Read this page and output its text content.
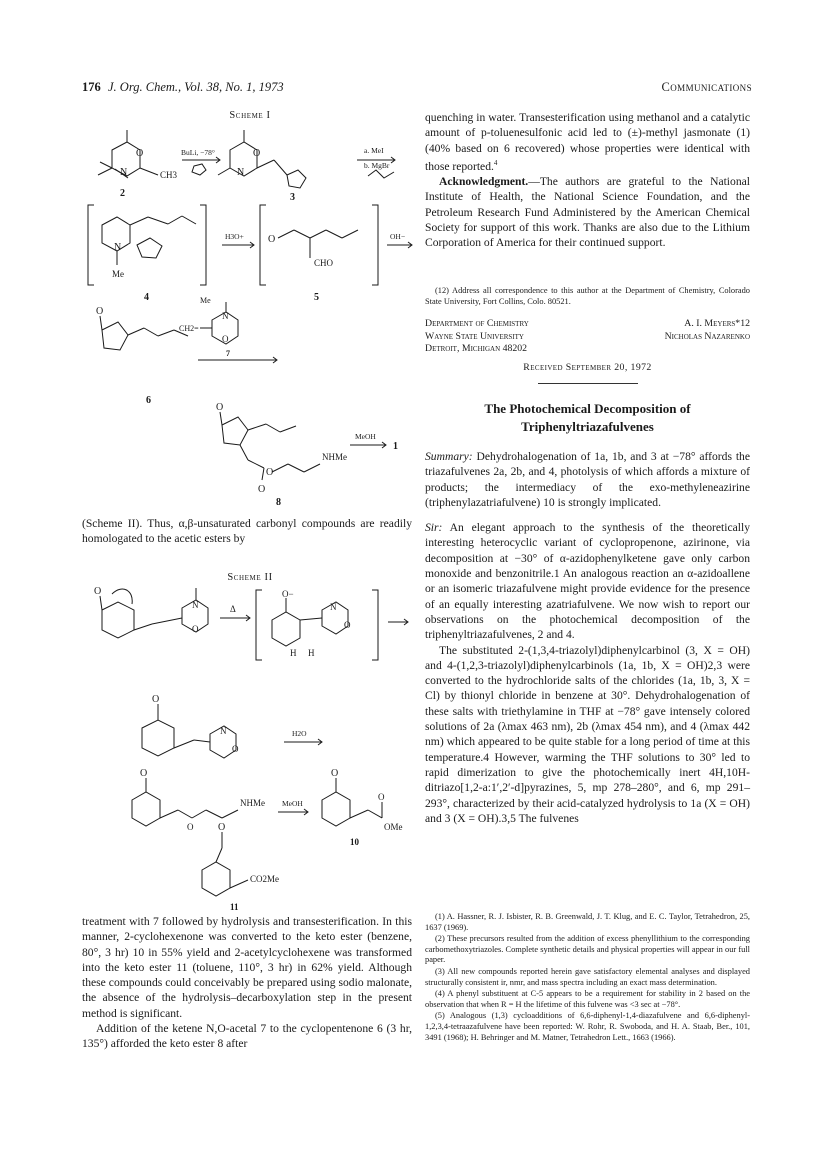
176 J. Org. Chem., Vol. 38, No. 1, 1973	Communications
Scheme I
O
N	CH3
2
BuLi, −78°	O
N
3
a. MeI
b. MgBr
N
Me
4
H3O+ O
CHO
5
OH−
O
6
Me
CH2=
N
O
7
O
O
O
NHMe
8
MeOH
1

(Scheme II). Thus, α,β-unsaturated carbonyl compounds are readily homologated to the acetic esters by

Scheme II
O
N
O
Δ
O−
H H
N
O
O
N
O
H2O
O
O
NHMe MeOH
O
O
OMe
10
O
CO2Me
11

treatment with 7 followed by hydrolysis and transesterification. In this manner, 2-cyclohexenone was converted to the keto ester (benzene, 80°, 3 hr) 10 in 55% yield and 2-acetylcyclohexene was transformed into the keto ester 11 (toluene, 110°, 3 hr) in 62% yield. Although these compounds could conceivably be prepared using sodio malonate, the absence of the hydrolysis–decarboxylation step in the present method is significant.

Addition of the ketene N,O-acetal 7 to the cyclopentenone 6 (3 hr, 135°) afforded the keto ester 8 after

quenching in water. Transesterification using methanol and a catalytic amount of p-toluenesulfonic acid led to (±)-methyl jasmonate (1) (40% based on 6 recovered) whose properties were identical with those reported.$^4$

Acknowledgment.—The authors are grateful to the National Institute of Health, the National Science Foundation, and the Petroleum Research Fund Administered by the American Chemical Society for support of this work. Thanks are also due to the Lithium Corporation of America for their continued support.

(12) Address all correspondence to this author at the Department of Chemistry, Colorado State University, Fort Collins, Colo. 80521.

Department of Chemistry
Wayne State University
Detroit, Michigan 48202
A. I. Meyers*12
Nicholas Nazarenko
Received September 20, 1972
The Photochemical Decomposition of
Triphenyltriazafulvenes

Summary: Dehydrohalogenation of 1a, 1b, and 3 at −78° affords the triazafulvenes 2a, 2b, and 4, photolysis of which affords a mixture of products; the intermediacy of the exo-methyleneazirine (triphenylazatriafulvene) 10 is strongly implicated.

Sir: An elegant approach to the synthesis of the theoretically interesting heterocyclic variant of cyclopropenone, azirinone, via decomposition at −30° of α-azidophenylketene gave only carbon monoxide and benzonitrile.1 An analogous reaction an α-azidoallene or an isomeric triazafulvene might provide evidence for the presence of an equally interesting azatriafulvene. We now wish to report our observations on the photochemical decomposition of the triphenyltriazafulvenes, 2 and 4.

The substituted 2-(1,3,4-triazolyl)diphenylcarbinol (3, X = OH) and 4-(1,2,3-triazolyl)diphenylcarbinols (1a, 1b, X = OH)2,3 were converted to the hydrochloride salts of the chlorides (1a, 1b, 3, X = Cl) by thionyl chloride in benzene at 30°. Dehydrohalogenation of these salts with triethylamine in THF at −78° gave intensely colored solutions of 2a (λmax 463 nm), 2b (λmax 454 nm), and 4 (λmax 442 nm) which appeared to be quite stable for a long period of time at this temperature.4 However, warming the THF solutions to 30° led to rapid dimerization to give the photochemically inert 4H,10H-ditriazo[1,2-a:1′,2′-d]pyrazines, 5, mp 278–280°, and 6, mp 291–293°, characterized by their acid-catalyzed hydrolysis to 1a (X = OH) and 3 (X = OH).3,5 The fulvenes

(1) A. Hassner, R. J. Isbister, R. B. Greenwald, J. T. Klug, and E. C. Taylor, Tetrahedron, 25, 1637 (1969).

(2) These precursors resulted from the addition of excess phenyllithium to the corresponding carbomethoxytriazoles. Complete synthetic details and physical properties will appear in our full paper.

(3) All new compounds reported herein gave satisfactory elemental analyses and displayed structurally consistent ir, nmr, and mass spectra including an exact mass determination.

(4) A phenyl substituent at C-5 appears to be a requirement for stability in 2 based on the observation that when R = H the lifetime of this fulvene was <3 sec at −78°.

(5) Analogous (1,3) cycloadditions of 6,6-diphenyl-1,4-diazafulvene and 6,6-diphenyl-1,2,3,4-tetraazafulvene have been reported: W. Rohr, R. Swoboda, and H. A. Staab, Ber., 101, 3491 (1968); H. Behringer and M. Matner, Tetrahedron Lett., 1663 (1966).
